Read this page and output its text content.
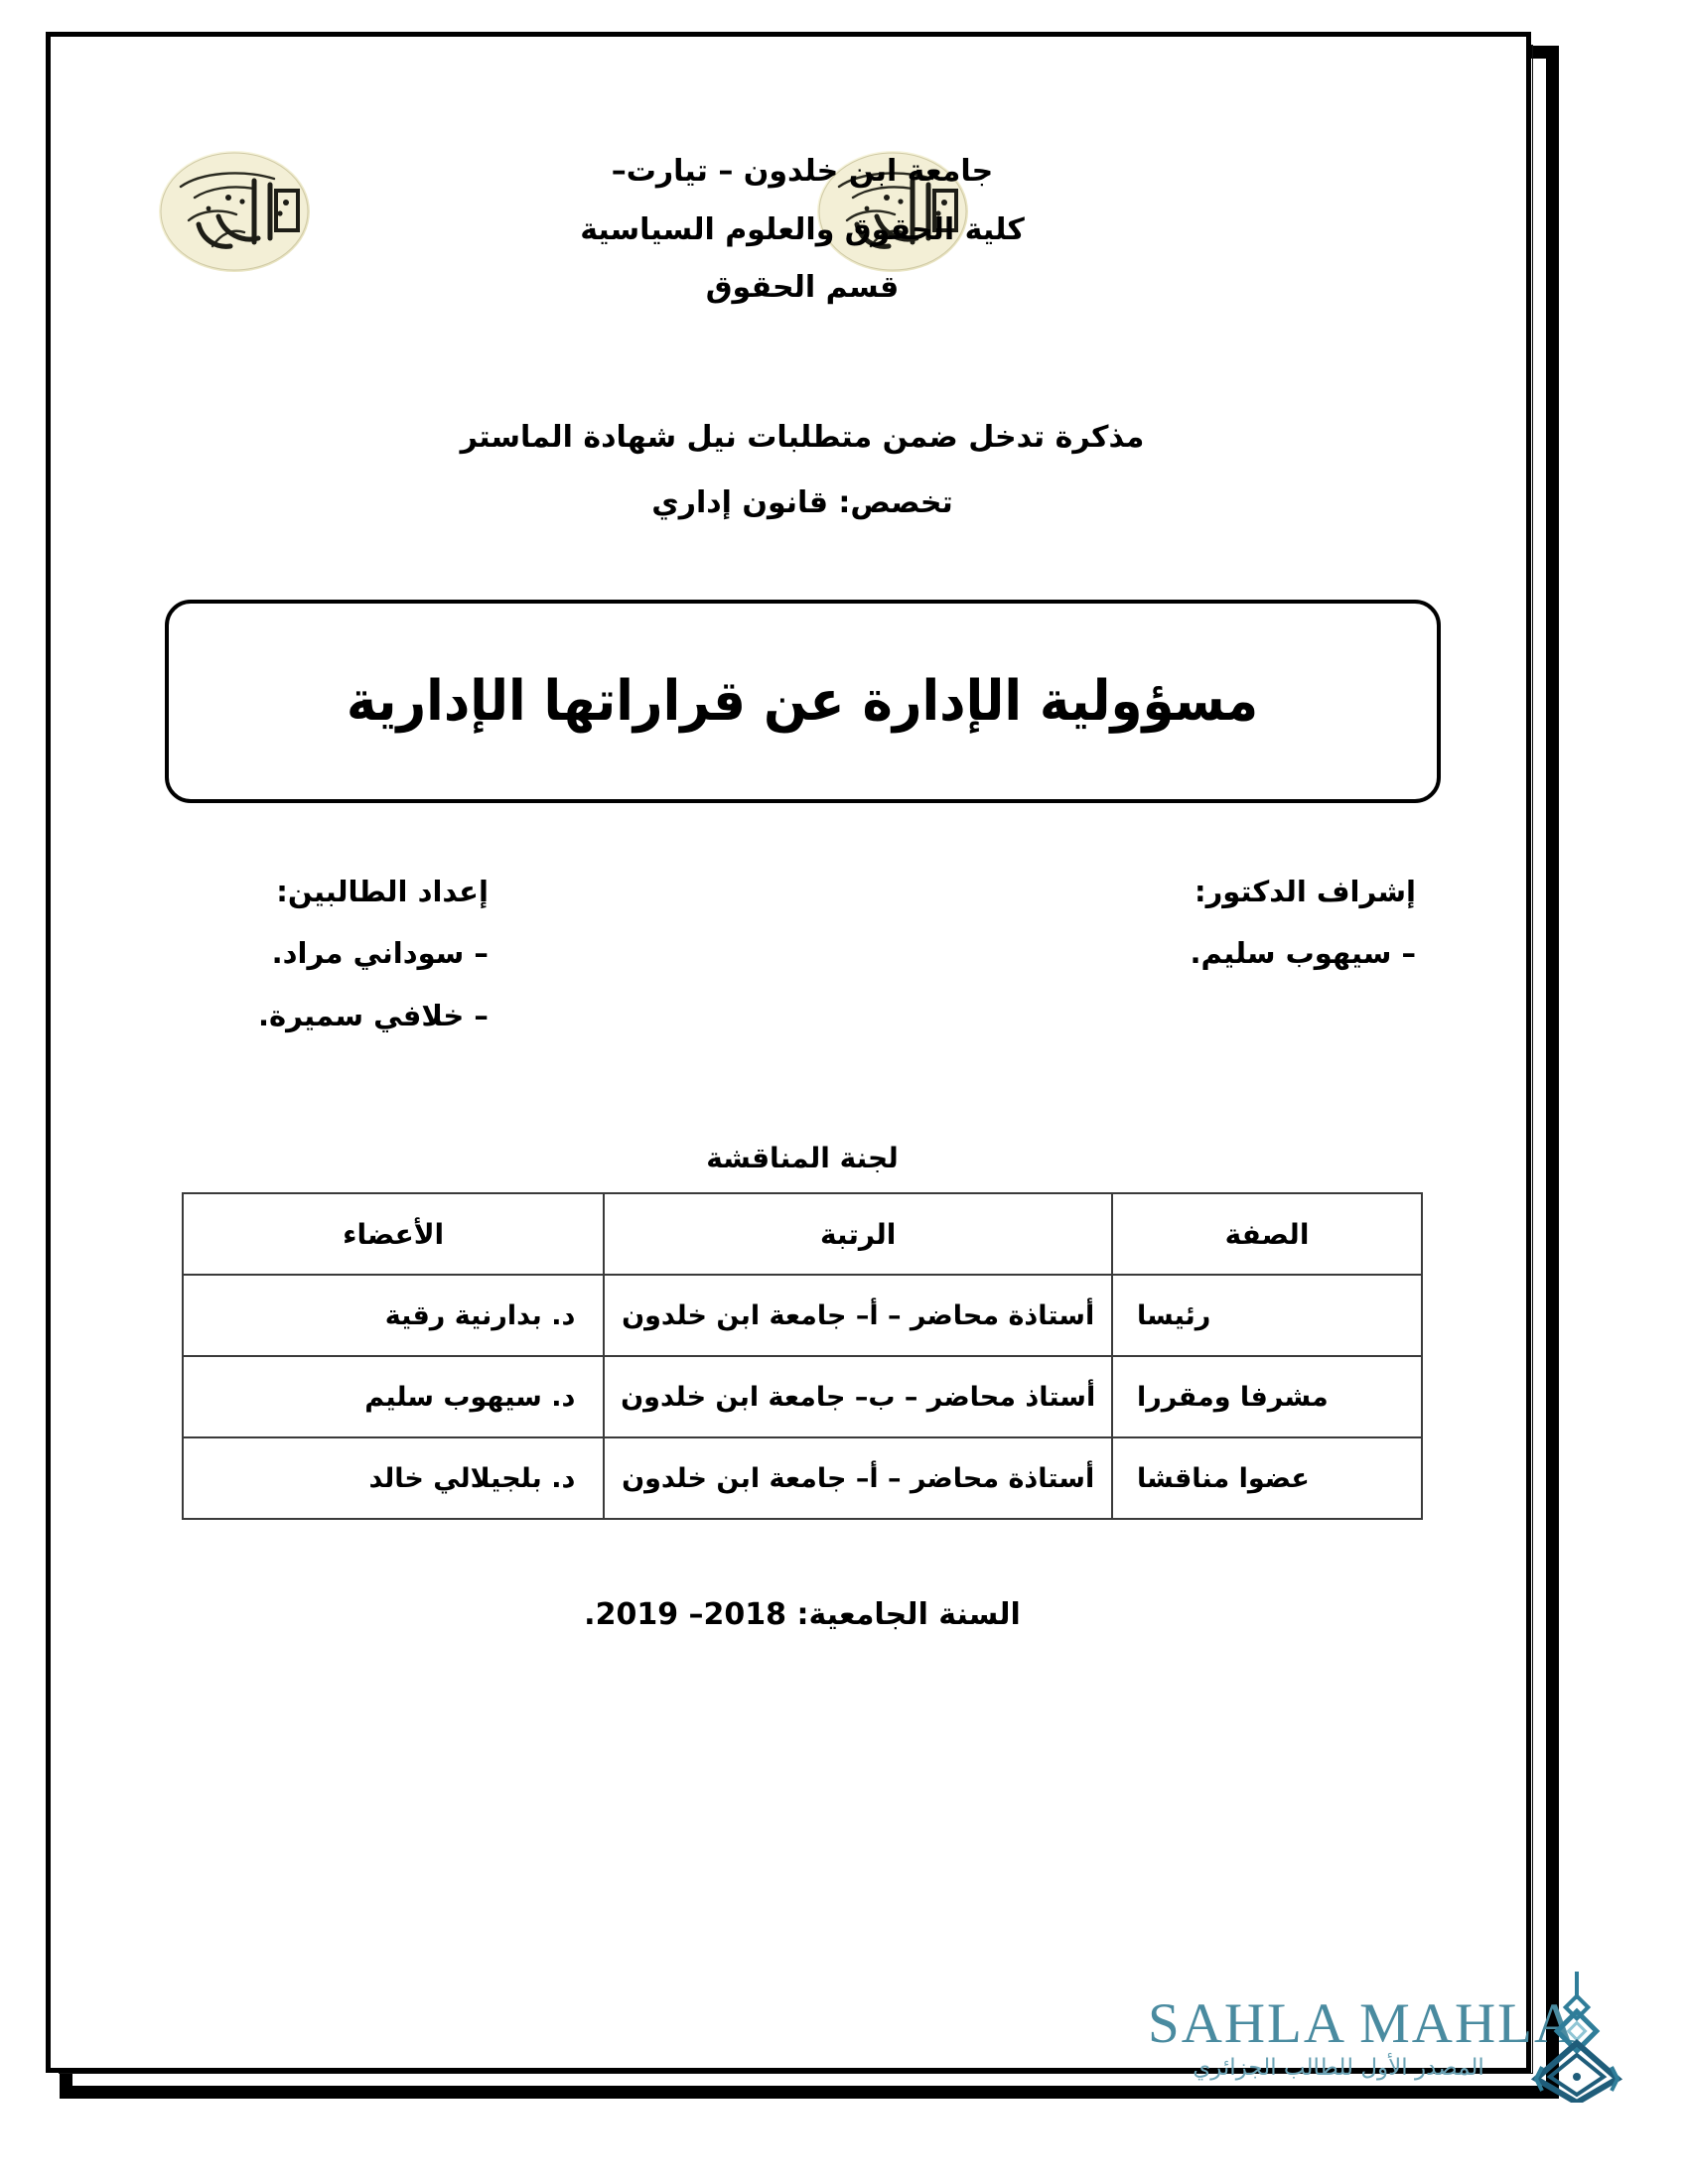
جامعة ابن خلدون – تيارت–
كلية الحقوق والعلوم السياسية
قسم الحقوق
مذكرة تدخل ضمن متطلبات نيل شهادة الماستر
تخصص: قانون إداري
مسؤولية الإدارة عن قراراتها الإدارية
إعداد الطالبين:
– سوداني مراد.
– خلافي سميرة.
إشراف الدكتور:
– سيهوب سليم.
لجنة المناقشة
الصفة	الرتبة	الأعضاء
رئيسا	أستاذة محاضر – أ– جامعة ابن خلدون	د. بدارنية رقية
مشرفا ومقررا	أستاذ محاضر – ب– جامعة ابن خلدون	د. سيهوب سليم
عضوا مناقشا	أستاذة محاضر – أ– جامعة ابن خلدون	د. بلجيلالي خالد
السنة الجامعية: 2018– 2019.
SAHLA MAHLA
المصدر الأول للطالب الجزائري
